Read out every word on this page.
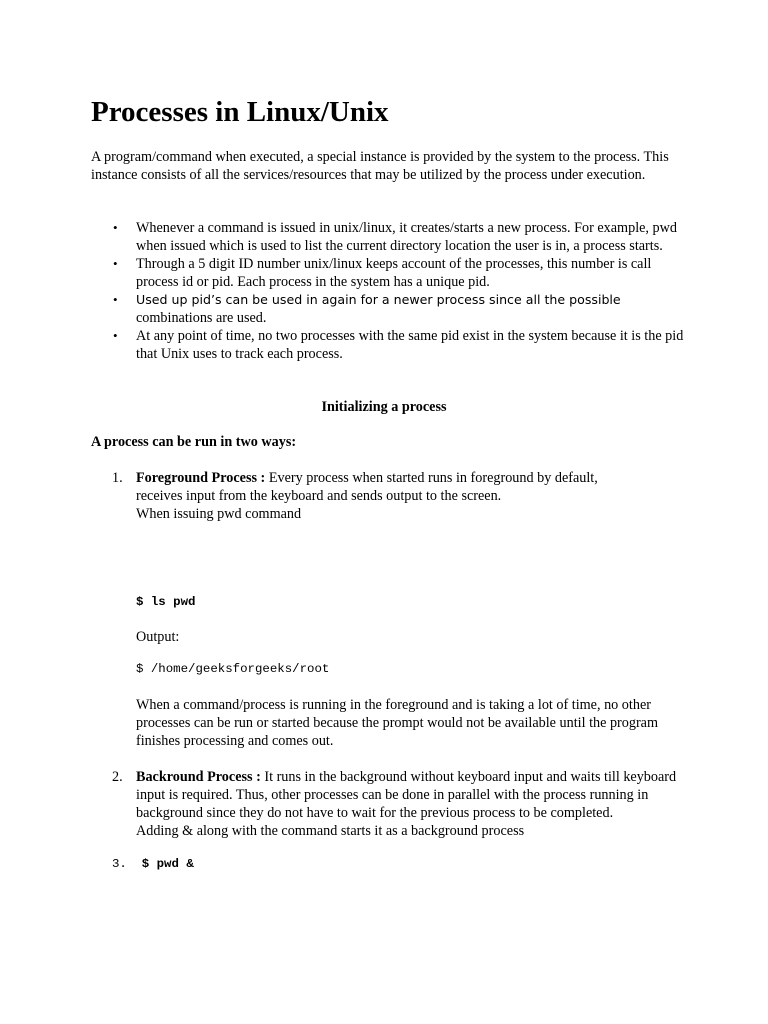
Processes in Linux/Unix

A program/command when executed, a special instance is provided by the system to the process. This instance consists of all the services/resources that may be utilized by the process under execution.

• Whenever a command is issued in unix/linux, it creates/starts a new process. For example, pwd when issued which is used to list the current directory location the user is in, a process starts.
• Through a 5 digit ID number unix/linux keeps account of the processes, this number is call process id or pid. Each process in the system has a unique pid.
• Used up pid’s can be used in again for a newer process since all the possible
combinations are used.
• At any point of time, no two processes with the same pid exist in the system because it is the pid that Unix uses to track each process.
Initializing a process
A process can be run in two ways:
1. Foreground Process : Every process when started runs in foreground by default, receives input from the keyboard and sends output to the screen.
When issuing pwd command
$ ls pwd

Output:

$ /home/geeksforgeeks/root

When a command/process is running in the foreground and is taking a lot of time, no other processes can be run or started because the prompt would not be available until the program finishes processing and comes out.

2. Backround Process : It runs in the background without keyboard input and waits till keyboard input is required. Thus, other processes can be done in parallel with the process running in background since they do not have to wait for the previous process to be completed.
Adding & along with the command starts it as a background process
3. $ pwd &
